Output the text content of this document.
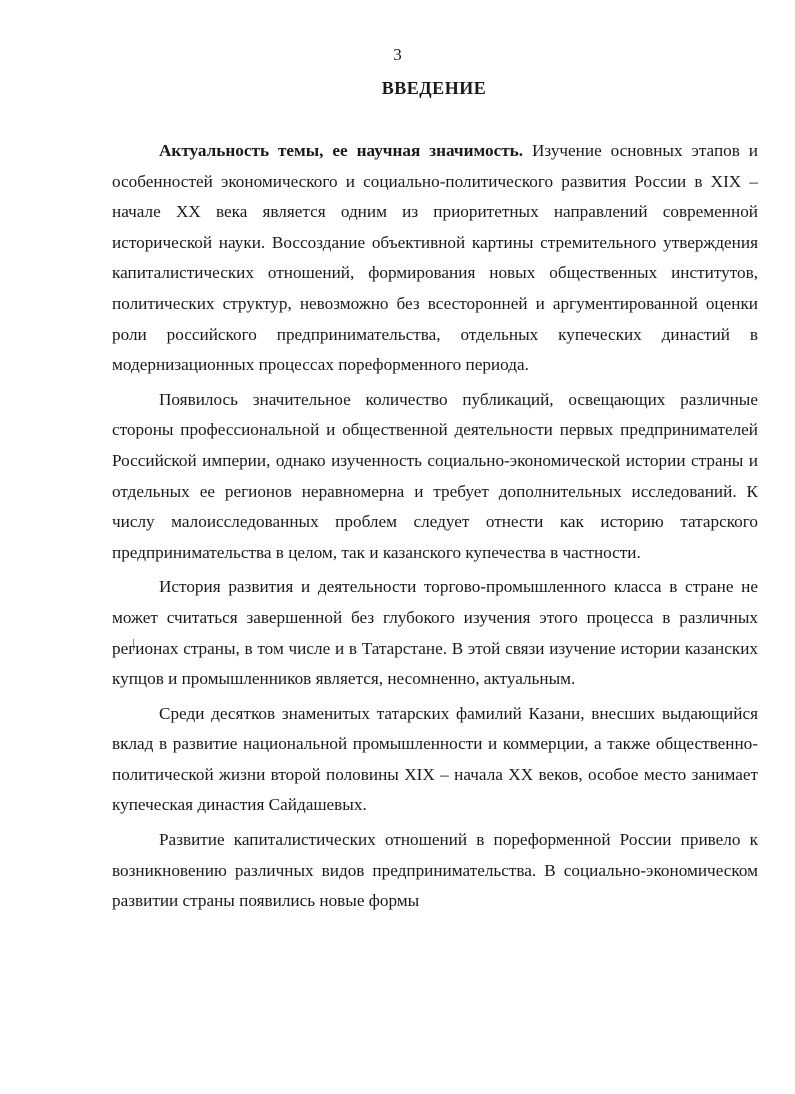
3
ВВЕДЕНИЕ

Актуальность темы, ее научная значимость. Изучение основных этапов и особенностей экономического и социально-политического развития России в XIX – начале XX века является одним из приоритетных направлений современной исторической науки. Воссоздание объективной картины стремительного утверждения капиталистических отношений, формирования новых общественных институтов, политических структур, невозможно без всесторонней и аргументированной оценки роли российского предпринимательства, отдельных купеческих династий в модернизационных процессах пореформенного периода.

Появилось значительное количество публикаций, освещающих различные стороны профессиональной и общественной деятельности первых предпринимателей Российской империи, однако изученность социально-экономической истории страны и отдельных ее регионов неравномерна и требует дополнительных исследований. К числу малоисследованных проблем следует отнести как историю татарского предпринимательства в целом, так и казанского купечества в частности.

История развития и деятельности торгово-промышленного класса в стране не может считаться завершенной без глубокого изучения этого процесса в различных регионах страны, в том числе и в Татарстане. В этой связи изучение истории казанских купцов и промышленников является, несомненно, актуальным.

Среди десятков знаменитых татарских фамилий Казани, внесших выдающийся вклад в развитие национальной промышленности и коммерции, а также общественно-политической жизни второй половины XIX – начала XX веков, особое место занимает купеческая династия Сайдашевых.

Развитие капиталистических отношений в пореформенной России привело к возникновению различных видов предпринимательства. В социально-экономическом развитии страны появились новые формы
